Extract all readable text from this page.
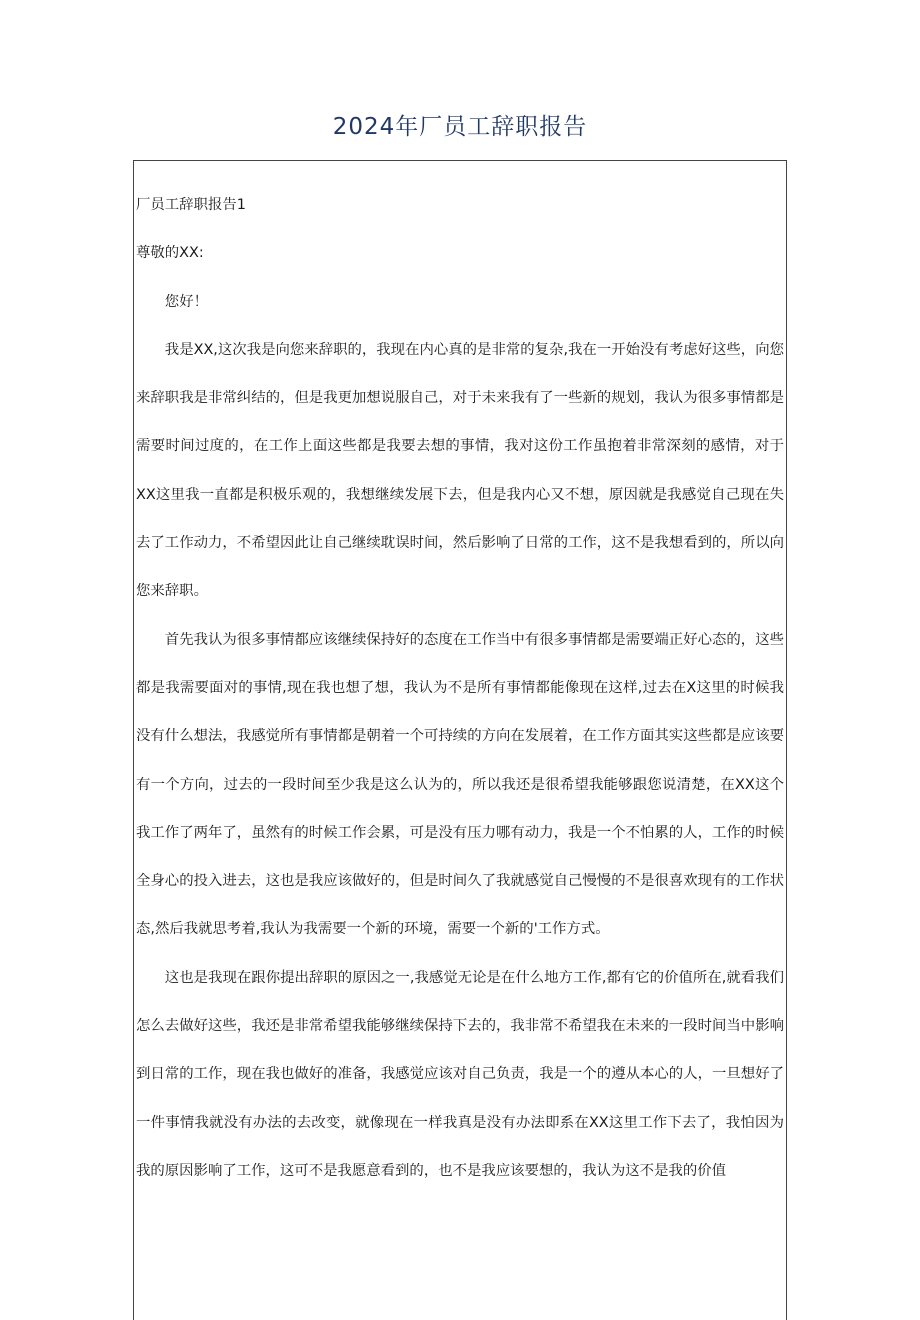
2024年厂员工辞职报告

厂员工辞职报告1

尊敬的XX:

您好！

我是XX,这次我是向您来辞职的，我现在内心真的是非常的复杂,我在一开始没有考虑好这些，向您来辞职我是非常纠结的，但是我更加想说服自己，对于未来我有了一些新的规划，我认为很多事情都是需要时间过度的，在工作上面这些都是我要去想的事情，我对这份工作虽抱着非常深刻的感情，对于XX这里我一直都是积极乐观的，我想继续发展下去，但是我内心又不想，原因就是我感觉自己现在失去了工作动力，不希望因此让自己继续耽误时间，然后影响了日常的工作，这不是我想看到的，所以向您来辞职。

首先我认为很多事情都应该继续保持好的态度在工作当中有很多事情都是需要端正好心态的，这些都是我需要面对的事情,现在我也想了想，我认为不是所有事情都能像现在这样,过去在X这里的时候我没有什么想法，我感觉所有事情都是朝着一个可持续的方向在发展着，在工作方面其实这些都是应该要有一个方向，过去的一段时间至少我是这么认为的，所以我还是很希望我能够跟您说清楚，在XX这个我工作了两年了，虽然有的时候工作会累，可是没有压力哪有动力，我是一个不怕累的人，工作的时候全身心的投入进去，这也是我应该做好的，但是时间久了我就感觉自己慢慢的不是很喜欢现有的工作状态,然后我就思考着,我认为我需要一个新的环境，需要一个新的'工作方式。

这也是我现在跟你提出辞职的原因之一,我感觉无论是在什么地方工作,都有它的价值所在,就看我们怎么去做好这些，我还是非常希望我能够继续保持下去的，我非常不希望我在未来的一段时间当中影响到日常的工作，现在我也做好的准备，我感觉应该对自己负责，我是一个的遵从本心的人，一旦想好了一件事情我就没有办法的去改变，就像现在一样我真是没有办法即系在XX这里工作下去了，我怕因为我的原因影响了工作，这可不是我愿意看到的，也不是我应该要想的，我认为这不是我的价值
